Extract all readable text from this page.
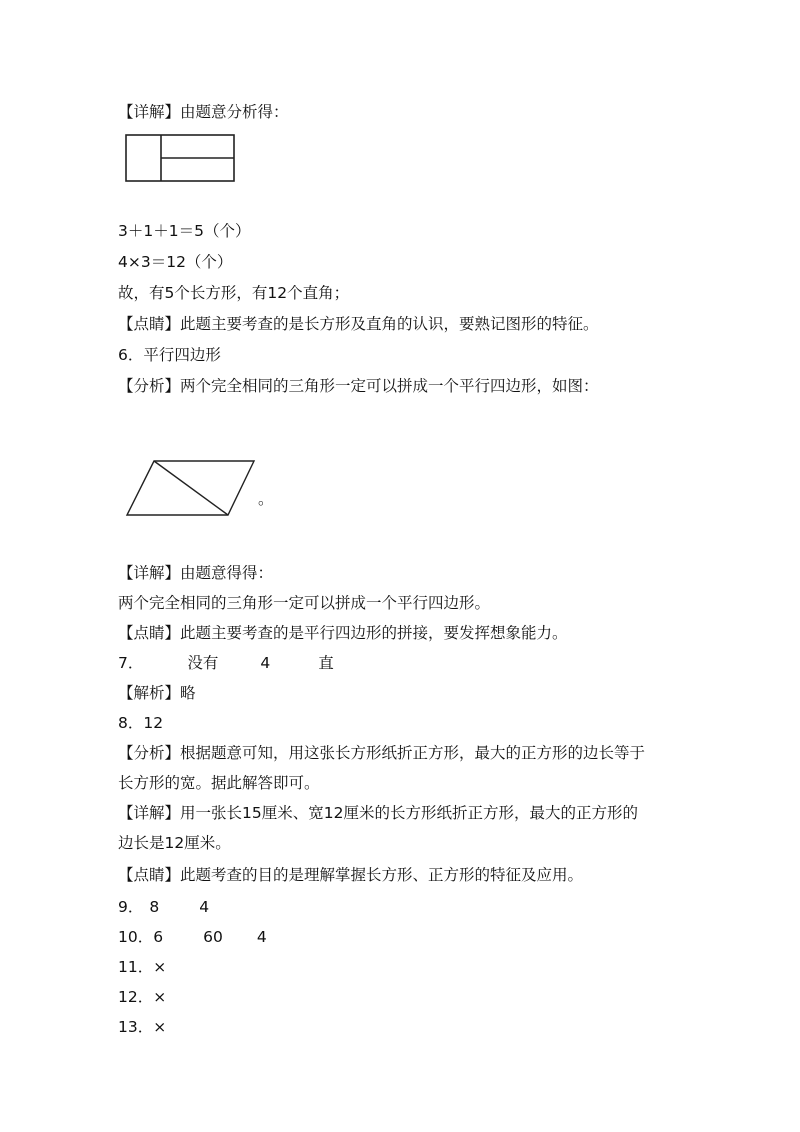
【详解】由题意分析得：
3＋1＋1＝5（个）
4×3＝12（个）
故，有5个长方形，有12个直角；
【点睛】此题主要考查的是长方形及直角的认识，要熟记图形的特征。
6．平行四边形
【分析】两个完全相同的三角形一定可以拼成一个平行四边形，如图：
。
【详解】由题意得得：
两个完全相同的三角形一定可以拼成一个平行四边形。
【点睛】此题主要考查的是平行四边形的拼接，要发挥想象能力。
7．	没有	4	直
【解析】略
8．12
【分析】根据题意可知，用这张长方形纸折正方形，最大的正方形的边长等于
长方形的宽。据此解答即可。
【详解】用一张长15厘米、宽12厘米的长方形纸折正方形，最大的正方形的
边长是12厘米。
【点睛】此题考查的目的是理解掌握长方形、正方形的特征及应用。
9． 8	4
10．6	60 4
11．×
12．×
13．×
